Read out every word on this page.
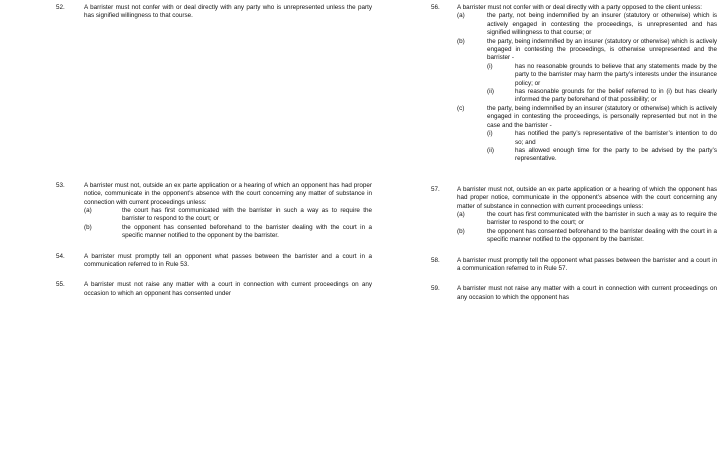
52.	A barrister must not confer with or deal directly with any party who is unrepresented unless the party has signified willingness to that course.
53.	A barrister must not, outside an ex parte application or a hearing of which an opponent has had proper notice, communicate in the opponent’s absence with the court concerning any matter of substance in connection with current proceedings unless:
(a)	the court has first communicated with the barrister in such a way as to require the barrister to respond to the court; or
(b)	the opponent has consented beforehand to the barrister dealing with the court in a specific manner notified to the opponent by the barrister.
54.	A barrister must promptly tell an opponent what passes between the barrister and a court in a communication referred to in Rule 53.
55.	A barrister must not raise any matter with a court in connection with current proceedings on any occasion to which an opponent has consented under
56.	A barrister must not confer with or deal directly with a party opposed to the client unless:
(a)	the party, not being indemnified by an insurer (statutory or otherwise) which is actively engaged in contesting the proceedings, is unrepresented and has signified willingness to that course; or
(b)	the party, being indemnified by an insurer (statutory or otherwise) which is actively engaged in contesting the proceedings, is otherwise unrepresented and the barrister -
(i)	has no reasonable grounds to believe that any statements made by the party to the barrister may harm the party’s interests under the insurance policy; or
(ii)	has reasonable grounds for the belief referred to in (i) but has clearly informed the party beforehand of that possibility; or
(c)	the party, being indemnified by an insurer (statutory or otherwise) which is actively engaged in contesting the proceedings, is personally represented but not in the case and the barrister -
(i)	has notified the party’s representative of the barrister’s intention to do so; and
(ii)	has allowed enough time for the party to be advised by the party’s representative.
57.	A barrister must not, outside an ex parte application or a hearing of which the opponent has had proper notice, communicate in the opponent’s absence with the court concerning any matter of substance in connection with current proceedings unless:
(a)	the court has first communicated with the barrister in such a way as to require the barrister to respond to the court; or
(b)	the opponent has consented beforehand to the barrister dealing with the court in a specific manner notified to the opponent by the barrister.
58.	A barrister must promptly tell the opponent what passes between the barrister and a court in a communication referred to in Rule 57.
59.	A barrister must not raise any matter with a court in connection with current proceedings on any occasion to which the opponent has
